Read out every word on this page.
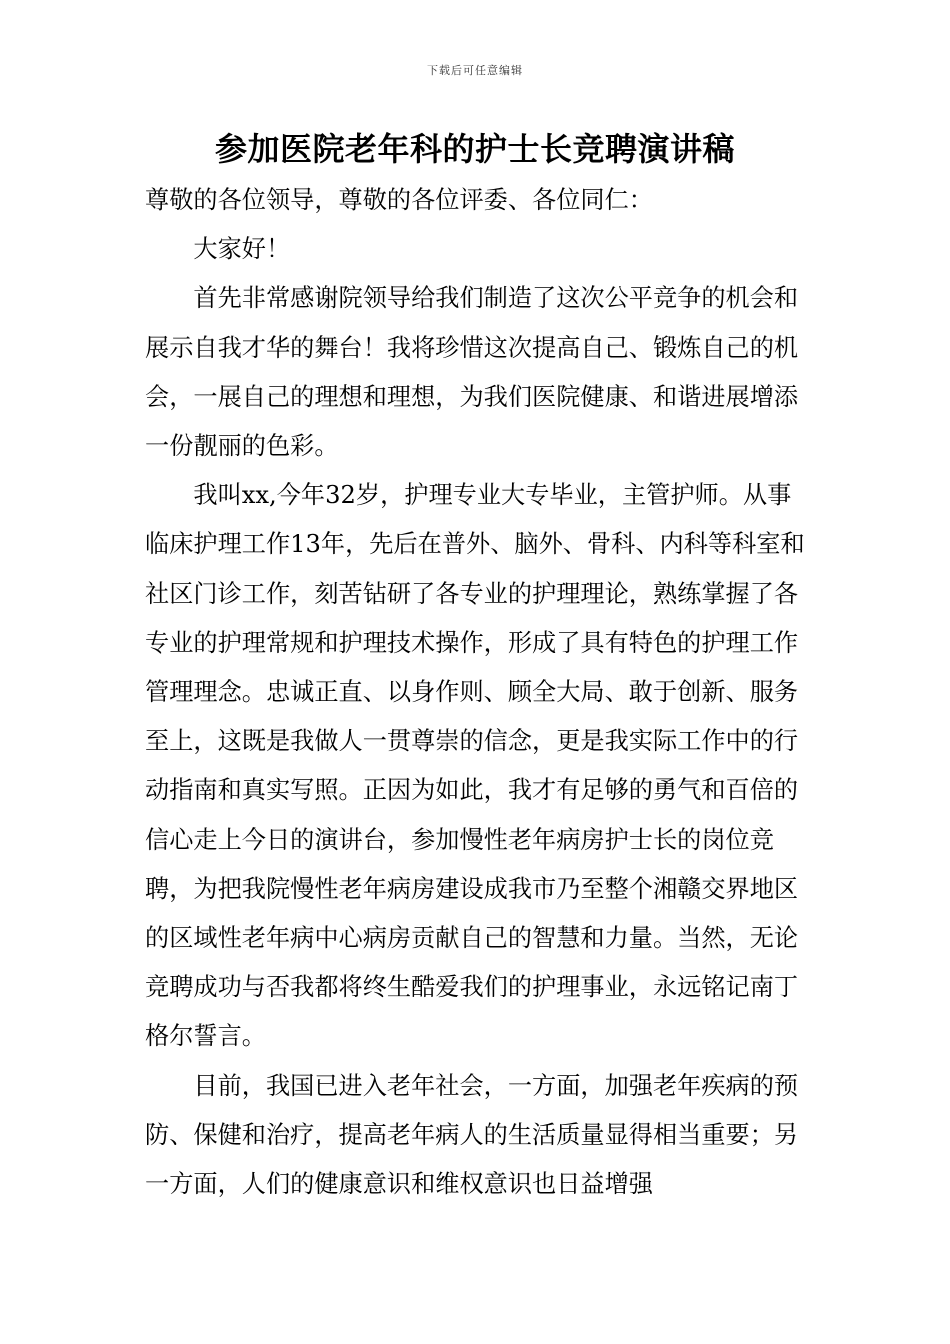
下载后可任意编辑
参加医院老年科的护士长竞聘演讲稿

尊敬的各位领导，尊敬的各位评委、各位同仁：

大家好！

首先非常感谢院领导给我们制造了这次公平竞争的机会和展示自我才华的舞台！我将珍惜这次提高自己、锻炼自己的机会，一展自己的理想和理想，为我们医院健康、和谐进展增添一份靓丽的色彩。

我叫xx,今年32岁，护理专业大专毕业，主管护师。从事临床护理工作13年，先后在普外、脑外、骨科、内科等科室和社区门诊工作，刻苦钻研了各专业的护理理论，熟练掌握了各专业的护理常规和护理技术操作，形成了具有特色的护理工作管理理念。忠诚正直、以身作则、顾全大局、敢于创新、服务至上，这既是我做人一贯尊崇的信念，更是我实际工作中的行动指南和真实写照。正因为如此，我才有足够的勇气和百倍的信心走上今日的演讲台，参加慢性老年病房护士长的岗位竞聘，为把我院慢性老年病房建设成我市乃至整个湘赣交界地区的区域性老年病中心病房贡献自己的智慧和力量。当然，无论竞聘成功与否我都将终生酷爱我们的护理事业，永远铭记南丁格尔誓言。

目前，我国已进入老年社会，一方面，加强老年疾病的预防、保健和治疗，提高老年病人的生活质量显得相当重要；另一方面，人们的健康意识和维权意识也日益增强
